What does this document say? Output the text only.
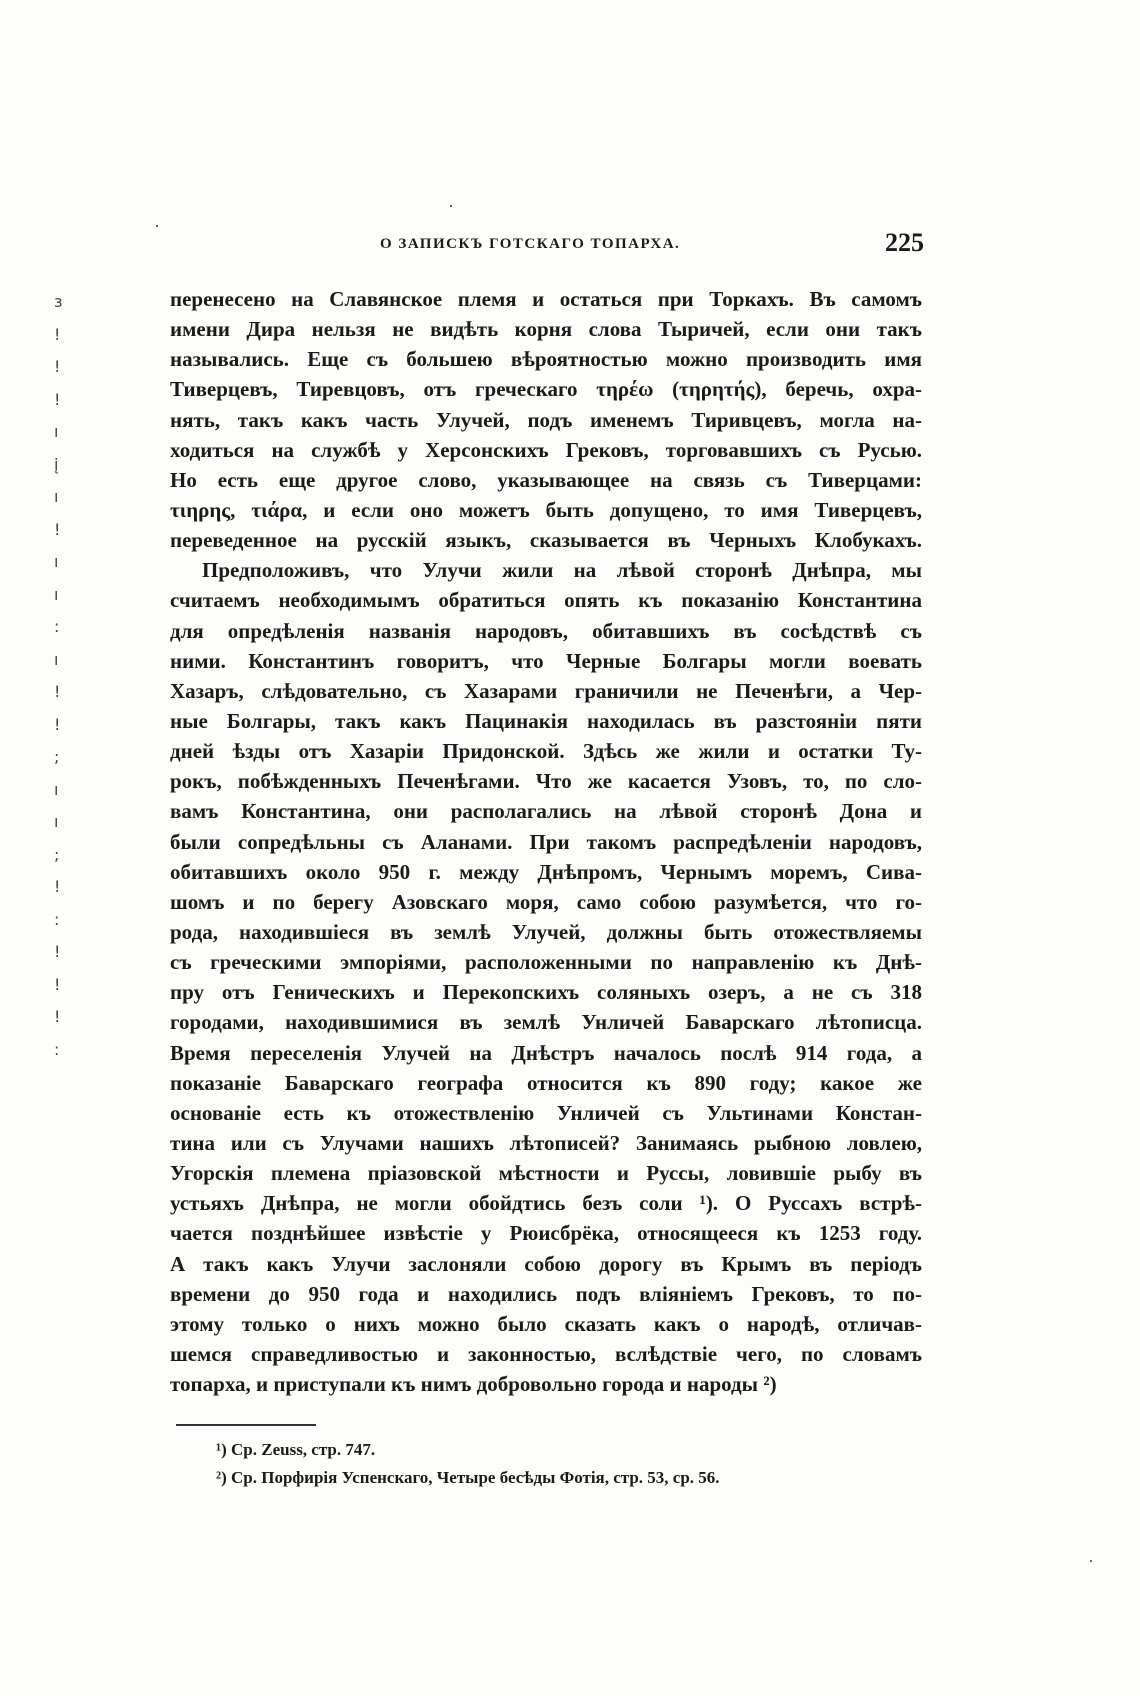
О ЗАПИСКЪ ГОТСКАГО ТОПАРХА.	225
з
!
!
!
ı
į
ı
!
ı
ı
:
ı
!
!
;
ı
ı
;
!
:
!
!
!
:
перенесено на Славянское племя и остаться при Торкахъ. Въ самомъ
имени Дира нельзя не видѣть корня слова Тыричей, если они такъ
назывались. Еще съ большею вѣроятностью можно производить имя
Тиверцевъ, Тиревцовъ, отъ греческаго τηρέω (τηρητής), беречь, охра-
нять, такъ какъ часть Улучей, подъ именемъ Тиривцевъ, могла на-
ходиться на службѣ у Херсонскихъ Грековъ, торговавшихъ съ Русью.
Но есть еще другое слово, указывающее на связь съ Тиверцами:
τιηρης, τιάρα, и если оно можетъ быть допущено, то имя Тиверцевъ,
переведенное на русскій языкъ, сказывается въ Черныхъ Клобукахъ.
Предположивъ, что Улучи жили на лѣвой сторонѣ Днѣпра, мы
считаемъ необходимымъ обратиться опять къ показанію Константина
для опредѣленія названія народовъ, обитавшихъ въ сосѣдствѣ съ
ними. Константинъ говоритъ, что Черные Болгары могли воевать
Хазаръ, слѣдовательно, съ Хазарами граничили не Печенѣги, а Чер-
ные Болгары, такъ какъ Пацинакія находилась въ разстояніи пяти
дней ѣзды отъ Хазаріи Придонской. Здѣсь же жили и остатки Ту-
рокъ, побѣжденныхъ Печенѣгами. Что же касается Узовъ, то, по сло-
вамъ Константина, они располагались на лѣвой сторонѣ Дона и
были сопредѣльны съ Аланами. При такомъ распредѣленіи народовъ,
обитавшихъ около 950 г. между Днѣпромъ, Чернымъ моремъ, Сива-
шомъ и по берегу Азовскаго моря, само собою разумѣется, что го-
рода, находившіеся въ землѣ Улучей, должны быть отожествляемы
съ греческими эмпоріями, расположенными по направленію къ Днѣ-
пру отъ Геническихъ и Перекопскихъ соляныхъ озеръ, а не съ 318
городами, находившимися въ землѣ Унличей Баварскаго лѣтописца.
Время переселенія Улучей на Днѣстръ началось послѣ 914 года, а
показаніе Баварскаго географа относится къ 890 году; какое же
основаніе есть къ отожествленію Унличей съ Ультинами Констан-
тина или съ Улучами нашихъ лѣтописей? Занимаясь рыбною ловлею,
Угорскія племена пріазовской мѣстности и Руссы, ловившіе рыбу въ
устьяхъ Днѣпра, не могли обойдтись безъ соли ¹). О Руссахъ встрѣ-
чается позднѣйшее извѣстіе у Рюисбрёка, относящееся къ 1253 году.
А такъ какъ Улучи заслоняли собою дорогу въ Крымъ въ періодъ
времени до 950 года и находились подъ вліяніемъ Грековъ, то по-
этому только о нихъ можно было сказать какъ о народѣ, отличав-
шемся справедливостью и законностью, вслѣдствіе чего, по словамъ
топарха, и приступали къ нимъ добровольно города и народы ²)
¹) Ср. Zeuss, стр. 747.
²) Ср. Порфирія Успенскаго, Четыре бесѣды Фотія, стр. 53, ср. 56.
